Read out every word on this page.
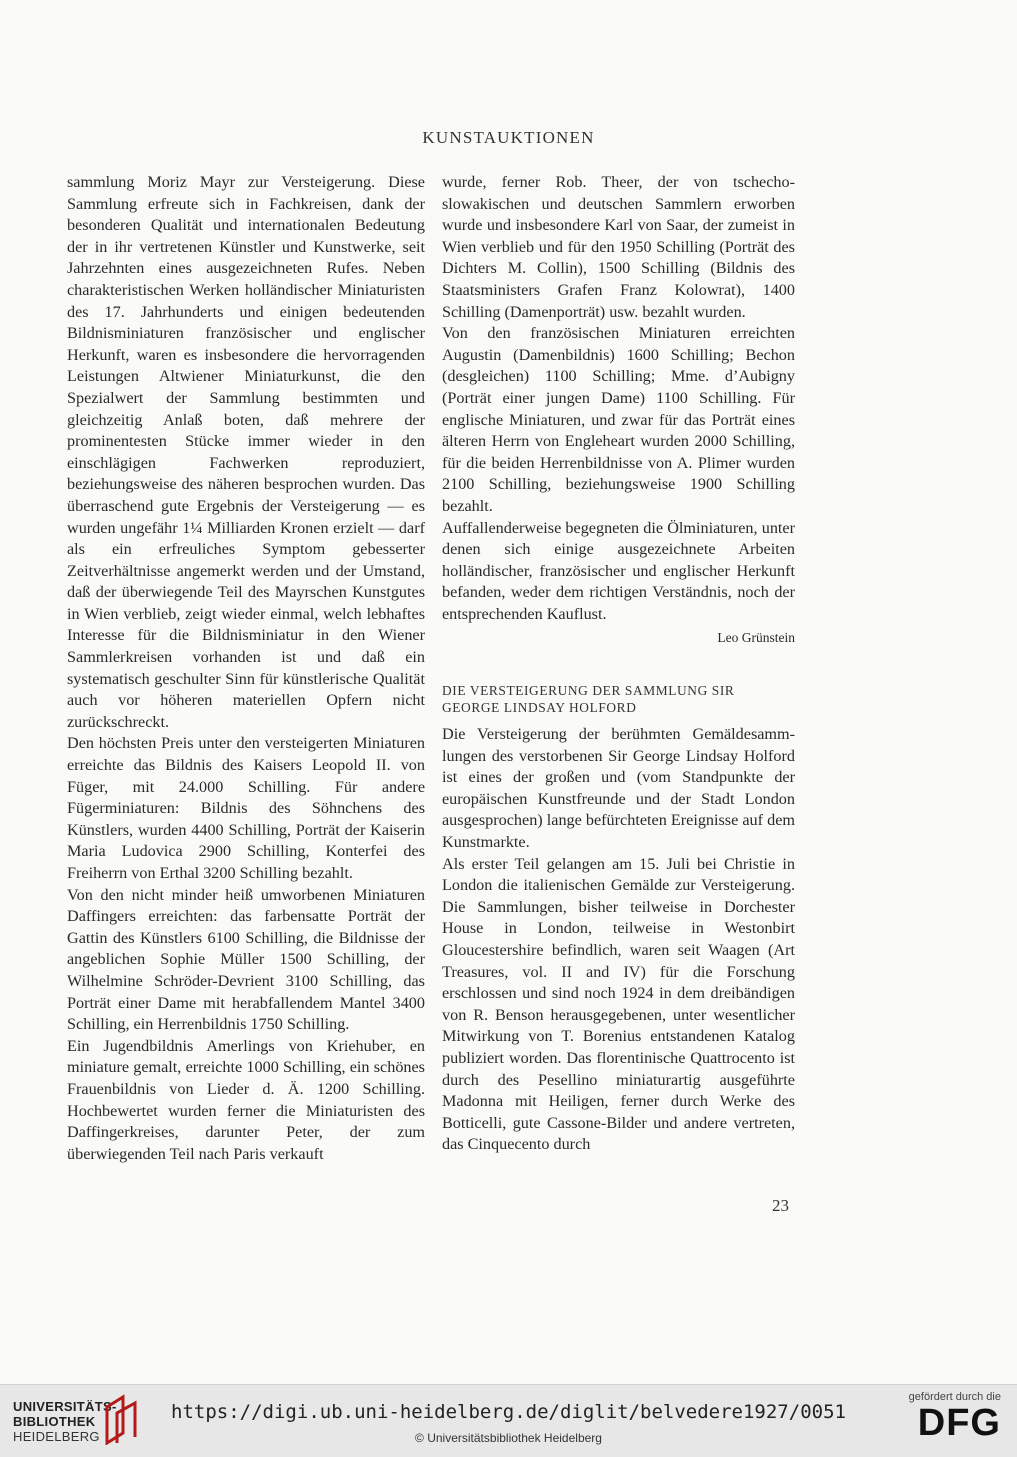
KUNSTAUKTIONEN

sammlung Moriz Mayr zur Versteigerung. Diese Sammlung erfreute sich in Fachkreisen, dank der besonderen Qualität und internationalen Bedeutung der in ihr vertretenen Künstler und Kunstwerke, seit Jahrzehnten eines ausgezeichneten Rufes. Neben charakteristischen Werken holländischer Miniaturisten des 17. Jahrhunderts und einigen bedeutenden Bildnisminiaturen französischer und englischer Herkunft, waren es insbesondere die hervorragenden Leistungen Altwiener Miniaturkunst, die den Spezialwert der Sammlung bestimmten und gleichzeitig Anlaß boten, daß mehrere der prominentesten Stücke immer wieder in den einschlägigen Fachwerken reproduziert, beziehungsweise des näheren besprochen wurden. Das überraschend gute Ergebnis der Versteigerung — es wurden ungefähr 1¼ Milliarden Kronen erzielt — darf als ein erfreuliches Symptom gebesserter Zeitverhältnisse angemerkt werden und der Umstand, daß der überwiegende Teil des Mayrschen Kunstgutes in Wien verblieb, zeigt wieder einmal, welch lebhaftes Interesse für die Bildnisminiatur in den Wiener Sammlerkreisen vorhanden ist und daß ein systematisch geschulter Sinn für künstlerische Qualität auch vor höheren materiellen Opfern nicht zurückschreckt.

Den höchsten Preis unter den versteigerten Miniaturen erreichte das Bildnis des Kaisers Leopold II. von Füger, mit 24.000 Schilling. Für andere Fügerminiaturen: Bildnis des Söhnchens des Künstlers, wurden 4400 Schilling, Porträt der Kaiserin Maria Ludovica 2900 Schilling, Konterfei des Freiherrn von Erthal 3200 Schilling bezahlt.

Von den nicht minder heiß umworbenen Miniaturen Daffingers erreichten: das farbensatte Porträt der Gattin des Künstlers 6100 Schilling, die Bildnisse der angeblichen Sophie Müller 1500 Schilling, der Wilhelmine Schröder-Devrient 3100 Schilling, das Porträt einer Dame mit herabfallendem Mantel 3400 Schilling, ein Herrenbildnis 1750 Schilling.

Ein Jugendbildnis Amerlings von Kriehuber, en miniature gemalt, erreichte 1000 Schilling, ein schönes Frauenbildnis von Lieder d. Ä. 1200 Schilling. Hochbewertet wurden ferner die Miniaturisten des Daffingerkreises, darunter Peter, der zum überwiegenden Teil nach Paris verkauft

wurde, ferner Rob. Theer, der von tschechoslowakischen und deutschen Sammlern erworben wurde und insbesondere Karl von Saar, der zumeist in Wien verblieb und für den 1950 Schilling (Porträt des Dichters M. Collin), 1500 Schilling (Bildnis des Staatsministers Grafen Franz Kolowrat), 1400 Schilling (Damenporträt) usw. bezahlt wurden.

Von den französischen Miniaturen erreichten Augustin (Damenbildnis) 1600 Schilling; Bechon (desgleichen) 1100 Schilling; Mme. d’Aubigny (Porträt einer jungen Dame) 1100 Schilling. Für englische Miniaturen, und zwar für das Porträt eines älteren Herrn von Engleheart wurden 2000 Schilling, für die beiden Herrenbildnisse von A. Plimer wurden 2100 Schilling, beziehungsweise 1900 Schilling bezahlt.

Auffallenderweise begegneten die Ölminiaturen, unter denen sich einige ausgezeichnete Arbeiten holländischer, französischer und englischer Herkunft befanden, weder dem richtigen Verständnis, noch der entsprechenden Kauflust.

Leo Grünstein

DIE VERSTEIGERUNG DER SAMMLUNG SIR
GEORGE LINDSAY HOLFORD

Die Versteigerung der berühmten Gemäldesammlungen des verstorbenen Sir George Lindsay Holford ist eines der großen und (vom Standpunkte der europäischen Kunstfreunde und der Stadt London ausgesprochen) lange befürchteten Ereignisse auf dem Kunstmarkte.

Als erster Teil gelangen am 15. Juli bei Christie in London die italienischen Gemälde zur Versteigerung. Die Sammlungen, bisher teilweise in Dorchester House in London, teilweise in Westonbirt Gloucestershire befindlich, waren seit Waagen (Art Treasures, vol. II and IV) für die Forschung erschlossen und sind noch 1924 in dem dreibändigen von R. Benson herausgegebenen, unter wesentlicher Mitwirkung von T. Borenius entstandenen Katalog publiziert worden. Das florentinische Quattrocento ist durch des Pesellino miniaturartig ausgeführte Madonna mit Heiligen, ferner durch Werke des Botticelli, gute Cassone-Bilder und andere vertreten, das Cinquecento durch

23
UNIVERSITÄTS-
BIBLIOTHEK
HEIDELBERG
https://digi.ub.uni-heidelberg.de/diglit/belvedere1927/0051
© Universitätsbibliothek Heidelberg
gefördert durch die
DFG
